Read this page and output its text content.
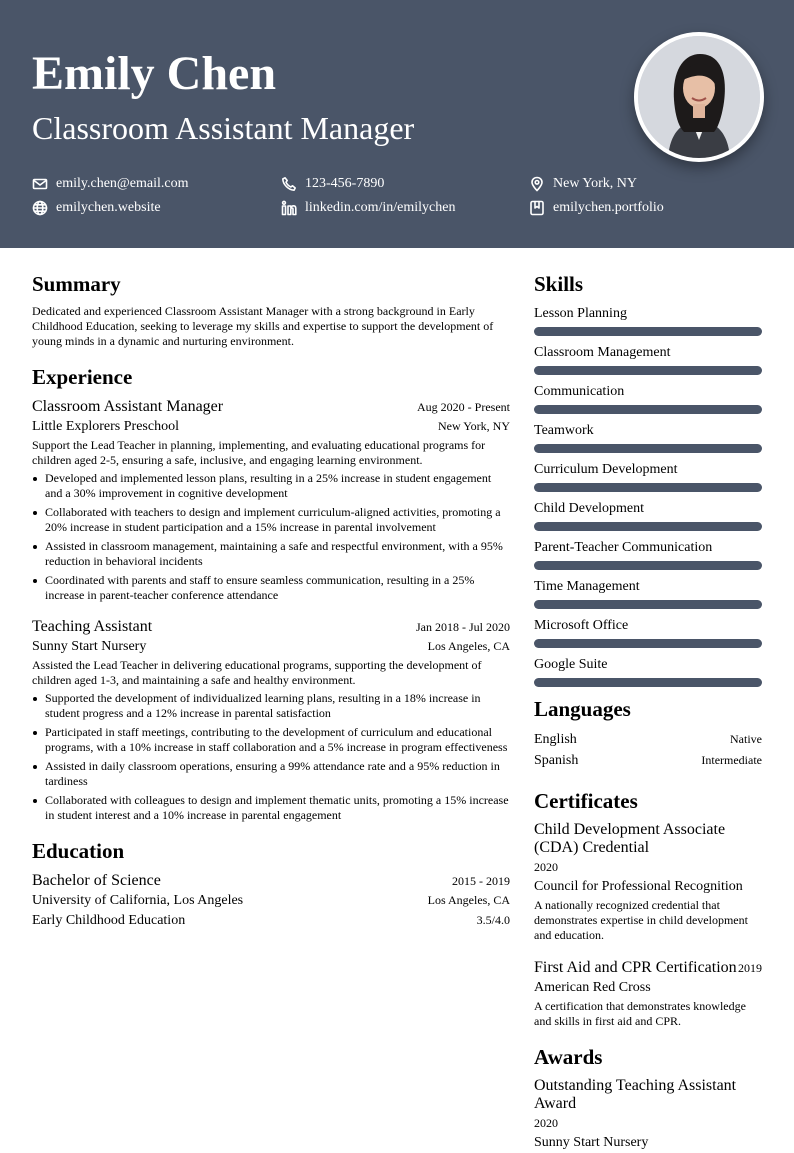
Emily Chen
Classroom Assistant Manager
emily.chen@email.com	123-456-7890	New York, NY
emilychen.website	linkedin.com/in/emilychen	emilychen.portfolio
Summary

Dedicated and experienced Classroom Assistant Manager with a strong background in Early Childhood Education, seeking to leverage my skills and expertise to support the development of young minds in a dynamic and nurturing environment.

Experience
Classroom Assistant Manager	Aug 2020 - Present
Little Explorers Preschool	New York, NY
Support the Lead Teacher in planning, implementing, and evaluating educational programs for children aged 2-5, ensuring a safe, inclusive, and engaging learning environment.
Developed and implemented lesson plans, resulting in a 25% increase in student engagement and a 30% improvement in cognitive development
Collaborated with teachers to design and implement curriculum-aligned activities, promoting a 20% increase in student participation and a 15% increase in parental involvement
Assisted in classroom management, maintaining a safe and respectful environment, with a 95% reduction in behavioral incidents
Coordinated with parents and staff to ensure seamless communication, resulting in a 25% increase in parent-teacher conference attendance
Teaching Assistant	Jan 2018 - Jul 2020
Sunny Start Nursery	Los Angeles, CA
Assisted the Lead Teacher in delivering educational programs, supporting the development of children aged 1-3, and maintaining a safe and healthy environment.
Supported the development of individualized learning plans, resulting in a 18% increase in student progress and a 12% increase in parental satisfaction
Participated in staff meetings, contributing to the development of curriculum and educational programs, with a 10% increase in staff collaboration and a 5% increase in program effectiveness
Assisted in daily classroom operations, ensuring a 99% attendance rate and a 95% reduction in tardiness
Collaborated with colleagues to design and implement thematic units, promoting a 15% increase in student interest and a 10% increase in parental engagement
Education
Bachelor of Science	2015 - 2019
University of California, Los Angeles	Los Angeles, CA
Early Childhood Education	3.5/4.0
Skills
Lesson Planning
Classroom Management
Communication
Teamwork
Curriculum Development
Child Development
Parent-Teacher Communication
Time Management
Microsoft Office
Google Suite
Languages
English	Native
Spanish	Intermediate
Certificates
Child Development Associate (CDA) Credential
2020
Council for Professional Recognition
A nationally recognized credential that demonstrates expertise in child development and education.
First Aid and CPR Certification 2019
American Red Cross
A certification that demonstrates knowledge and skills in first aid and CPR.
Awards
Outstanding Teaching Assistant Award
2020
Sunny Start Nursery
